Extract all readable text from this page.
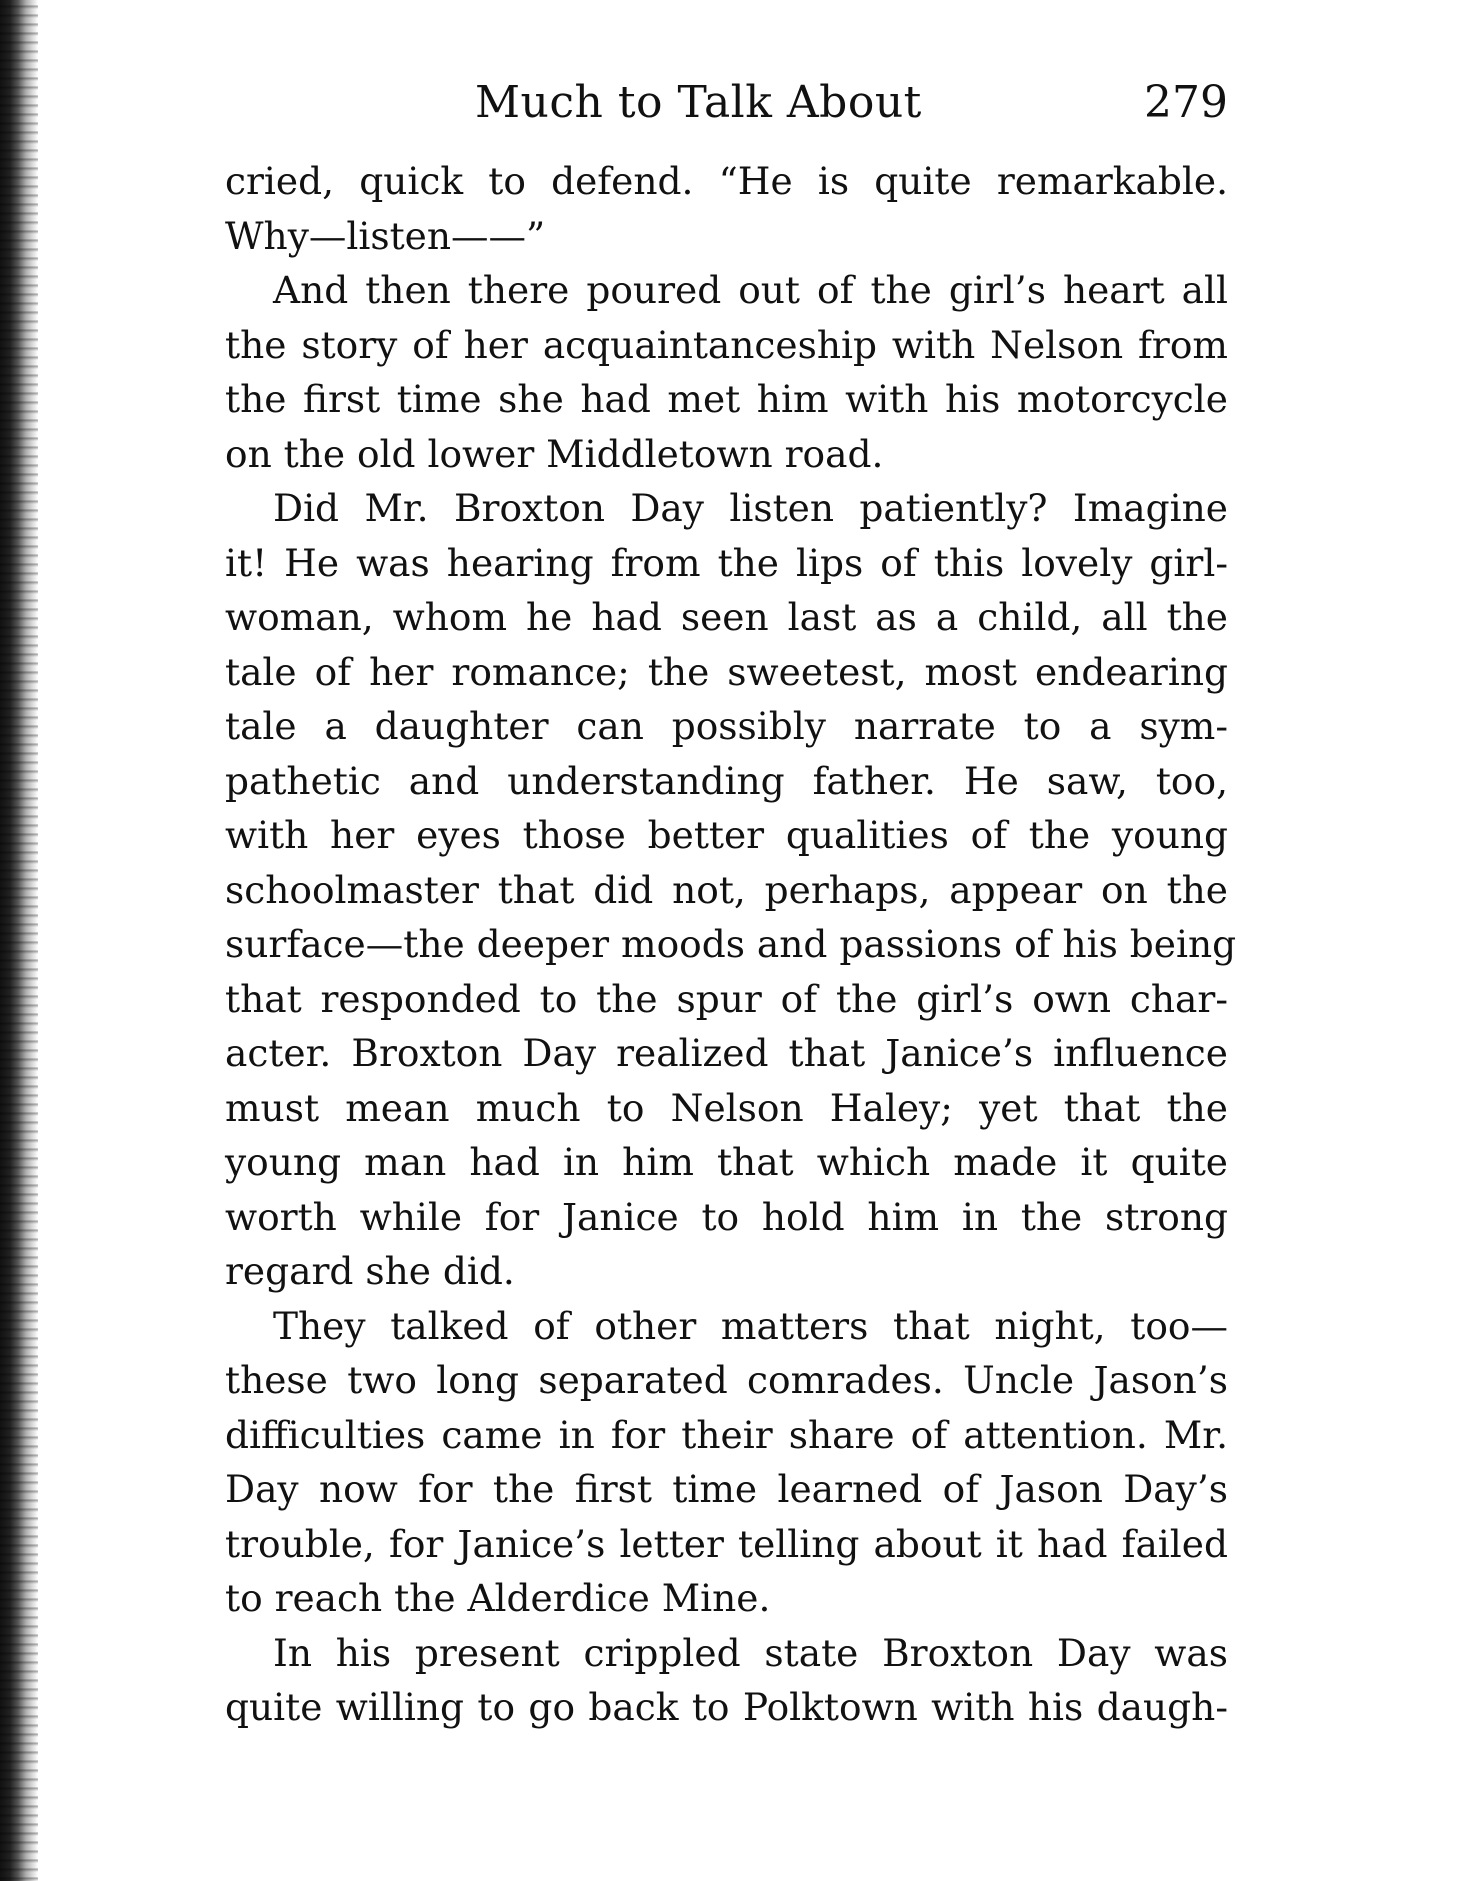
Much to Talk About	279
cried, quick to defend. “He is quite remarkable.
Why—listen——”
And then there poured out of the girl’s heart all
the story of her acquaintanceship with Nelson from
the first time she had met him with his motorcycle
on the old lower Middletown road.
Did Mr. Broxton Day listen patiently? Imagine
it! He was hearing from the lips of this lovely girl-
woman, whom he had seen last as a child, all the
tale of her romance; the sweetest, most endearing
tale a daughter can possibly narrate to a sym-
pathetic and understanding father. He saw, too,
with her eyes those better qualities of the young
schoolmaster that did not, perhaps, appear on the
surface—the deeper moods and passions of his being
that responded to the spur of the girl’s own char-
acter. Broxton Day realized that Janice’s influence
must mean much to Nelson Haley; yet that the
young man had in him that which made it quite
worth while for Janice to hold him in the strong
regard she did.
They talked of other matters that night, too—
these two long separated comrades. Uncle Jason’s
difficulties came in for their share of attention. Mr.
Day now for the first time learned of Jason Day’s
trouble, for Janice’s letter telling about it had failed
to reach the Alderdice Mine.
In his present crippled state Broxton Day was
quite willing to go back to Polktown with his daugh-
